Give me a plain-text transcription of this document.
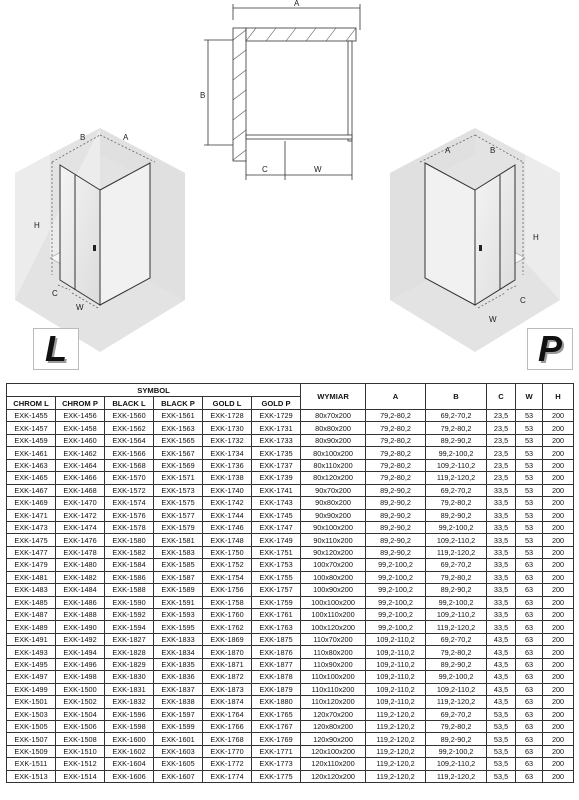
B	A
H
C
W
A	B
H
W
C
A
B
C	W
L	P
SYMBOL						WYMIAR	A	B	C	W	H
CHROM L	CHROM P	BLACK L	BLACK P	GOLD L	GOLD P						
EXK-1455	EXK-1456	EXK-1560	EXK-1561	EXK-1728	EXK-1729	80x70x200	79,2-80,2	69,2-70,2	23,5	53	200
EXK-1457	EXK-1458	EXK-1562	EXK-1563	EXK-1730	EXK-1731	80x80x200	79,2-80,2	79,2-80,2	23,5	53	200
EXK-1459	EXK-1460	EXK-1564	EXK-1565	EXK-1732	EXK-1733	80x90x200	79,2-80,2	89,2-90,2	23,5	53	200
EXK-1461	EXK-1462	EXK-1566	EXK-1567	EXK-1734	EXK-1735	80x100x200	79,2-80,2	99,2-100,2	23,5	53	200
EXK-1463	EXK-1464	EXK-1568	EXK-1569	EXK-1736	EXK-1737	80x110x200	79,2-80,2	109,2-110,2	23,5	53	200
EXK-1465	EXK-1466	EXK-1570	EXK-1571	EXK-1738	EXK-1739	80x120x200	79,2-80,2	119,2-120,2	23,5	53	200
EXK-1467	EXK-1468	EXK-1572	EXK-1573	EXK-1740	EXK-1741	90x70x200	89,2-90,2	69,2-70,2	33,5	53	200
EXK-1469	EXK-1470	EXK-1574	EXK-1575	EXK-1742	EXK-1743	90x80x200	89,2-90,2	79,2-80,2	33,5	53	200
EXK-1471	EXK-1472	EXK-1576	EXK-1577	EXK-1744	EXK-1745	90x90x200	89,2-90,2	89,2-90,2	33,5	53	200
EXK-1473	EXK-1474	EXK-1578	EXK-1579	EXK-1746	EXK-1747	90x100x200	89,2-90,2	99,2-100,2	33,5	53	200
EXK-1475	EXK-1476	EXK-1580	EXK-1581	EXK-1748	EXK-1749	90x110x200	89,2-90,2	109,2-110,2	33,5	53	200
EXK-1477	EXK-1478	EXK-1582	EXK-1583	EXK-1750	EXK-1751	90x120x200	89,2-90,2	119,2-120,2	33,5	53	200
EXK-1479	EXK-1480	EXK-1584	EXK-1585	EXK-1752	EXK-1753	100x70x200	99,2-100,2	69,2-70,2	33,5	63	200
EXK-1481	EXK-1482	EXK-1586	EXK-1587	EXK-1754	EXK-1755	100x80x200	99,2-100,2	79,2-80,2	33,5	63	200
EXK-1483	EXK-1484	EXK-1588	EXK-1589	EXK-1756	EXK-1757	100x90x200	99,2-100,2	89,2-90,2	33,5	63	200
EXK-1485	EXK-1486	EXK-1590	EXK-1591	EXK-1758	EXK-1759	100x100x200	99,2-100,2	99,2-100,2	33,5	63	200
EXK-1487	EXK-1488	EXK-1592	EXK-1593	EXK-1760	EXK-1761	100x110x200	99,2-100,2	109,2-110,2	33,5	63	200
EXK-1489	EXK-1490	EXK-1594	EXK-1595	EXK-1762	EXK-1763	100x120x200	99,2-100,2	119,2-120,2	33,5	63	200
EXK-1491	EXK-1492	EXK-1827	EXK-1833	EXK-1869	EXK-1875	110x70x200	109,2-110,2	69,2-70,2	43,5	63	200
EXK-1493	EXK-1494	EXK-1828	EXK-1834	EXK-1870	EXK-1876	110x80x200	109,2-110,2	79,2-80,2	43,5	63	200
EXK-1495	EXK-1496	EXK-1829	EXK-1835	EXK-1871	EXK-1877	110x90x200	109,2-110,2	89,2-90,2	43,5	63	200
EXK-1497	EXK-1498	EXK-1830	EXK-1836	EXK-1872	EXK-1878	110x100x200	109,2-110,2	99,2-100,2	43,5	63	200
EXK-1499	EXK-1500	EXK-1831	EXK-1837	EXK-1873	EXK-1879	110x110x200	109,2-110,2	109,2-110,2	43,5	63	200
EXK-1501	EXK-1502	EXK-1832	EXK-1838	EXK-1874	EXK-1880	110x120x200	109,2-110,2	119,2-120,2	43,5	63	200
EXK-1503	EXK-1504	EXK-1596	EXK-1597	EXK-1764	EXK-1765	120x70x200	119,2-120,2	69,2-70,2	53,5	63	200
EXK-1505	EXK-1506	EXK-1598	EXK-1599	EXK-1766	EXK-1767	120x80x200	119,2-120,2	79,2-80,2	53,5	63	200
EXK-1507	EXK-1508	EXK-1600	EXK-1601	EXK-1768	EXK-1769	120x90x200	119,2-120,2	89,2-90,2	53,5	63	200
EXK-1509	EXK-1510	EXK-1602	EXK-1603	EXK-1770	EXK-1771	120x100x200	119,2-120,2	99,2-100,2	53,5	63	200
EXK-1511	EXK-1512	EXK-1604	EXK-1605	EXK-1772	EXK-1773	120x110x200	119,2-120,2	109,2-110,2	53,5	63	200
EXK-1513	EXK-1514	EXK-1606	EXK-1607	EXK-1774	EXK-1775	120x120x200	119,2-120,2	119,2-120,2	53,5	63	200
